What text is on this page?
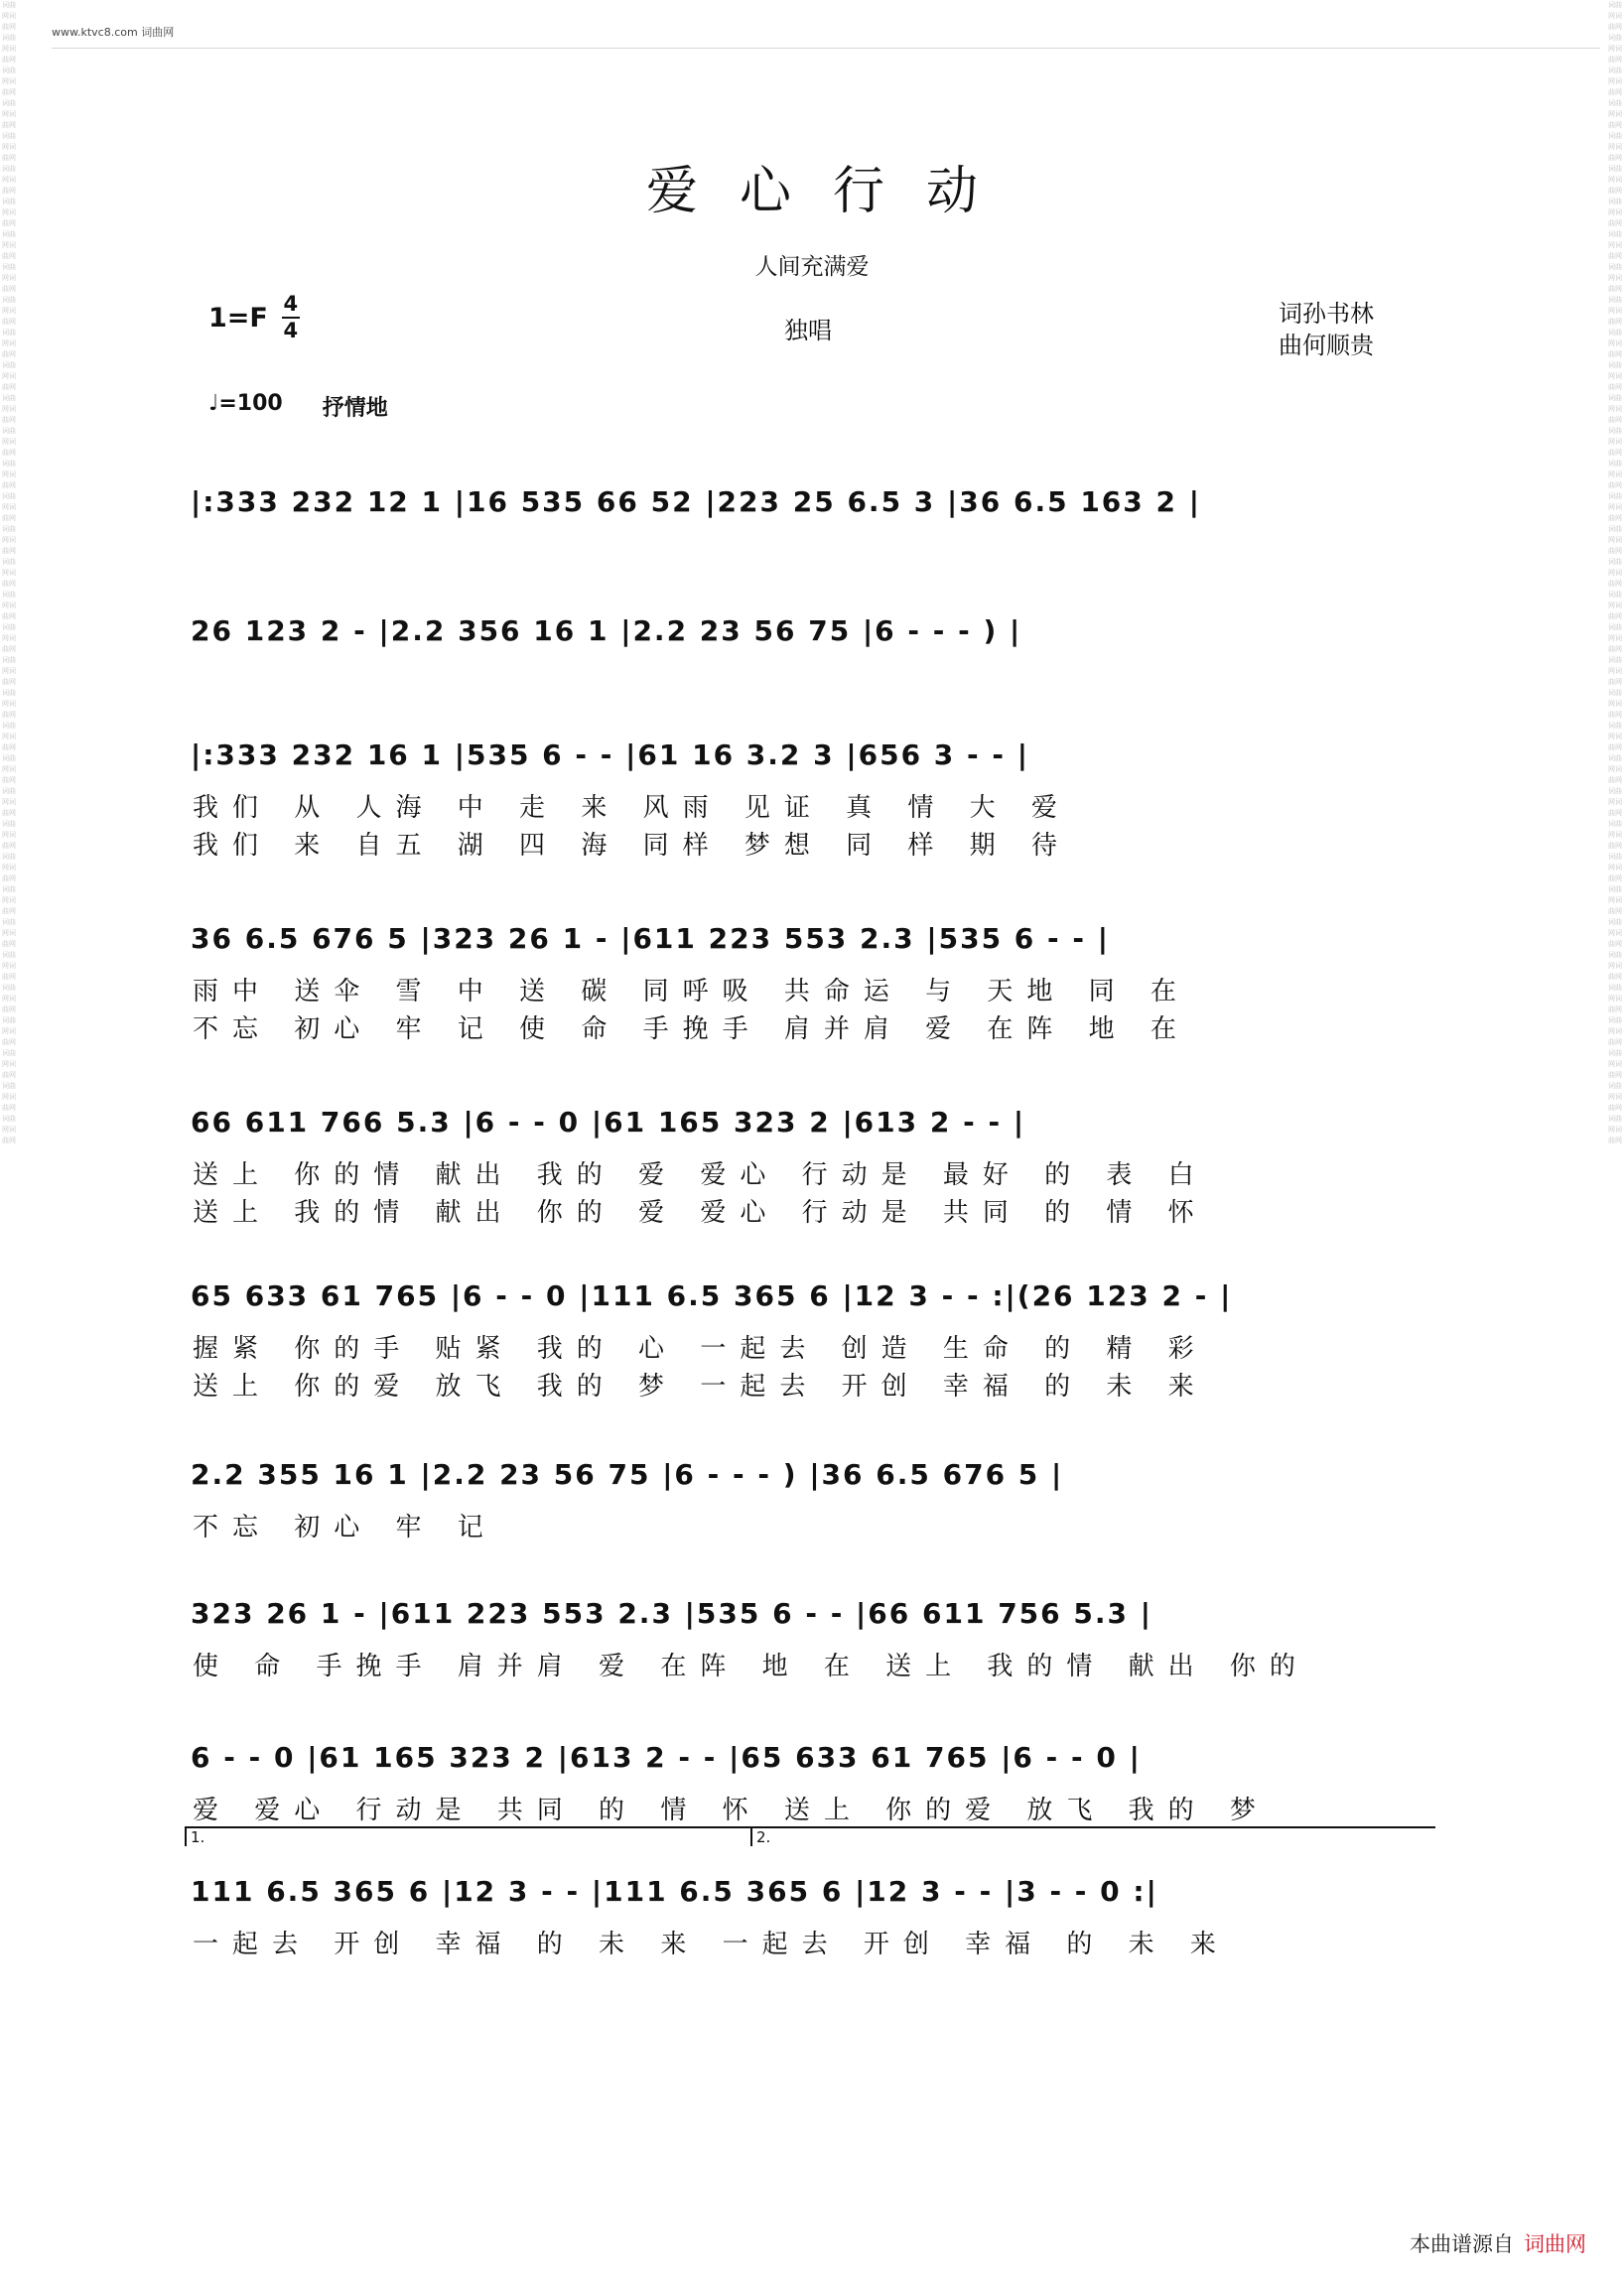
词曲网词曲网词曲网词曲网词曲网词曲网词曲网词曲网词曲网词曲网词曲网词曲网词曲网词曲网词曲网词曲网词曲网词曲网词曲网词曲网词曲网词曲网词曲网词曲网词曲网词曲网词曲网词曲网词曲网词曲网词曲网词曲网词曲网词曲网词曲网词曲网词曲网词曲网词曲网词曲网词曲网词曲网词曲网词曲网词曲网词曲网词曲网词曲网词曲网词曲网词曲网词曲网词曲网词曲网词曲网词曲网词曲网词曲网词曲网词曲网词曲网词曲网词曲网词曲网词曲网词曲网词曲网词曲网词曲网词曲网
词曲网词曲网词曲网词曲网词曲网词曲网词曲网词曲网词曲网词曲网词曲网词曲网词曲网词曲网词曲网词曲网词曲网词曲网词曲网词曲网词曲网词曲网词曲网词曲网词曲网词曲网词曲网词曲网词曲网词曲网词曲网词曲网词曲网词曲网词曲网词曲网词曲网词曲网词曲网词曲网词曲网词曲网词曲网词曲网词曲网词曲网词曲网词曲网词曲网词曲网词曲网词曲网词曲网词曲网词曲网词曲网词曲网词曲网词曲网词曲网词曲网词曲网词曲网词曲网词曲网词曲网词曲网词曲网词曲网词曲网
www.ktvc8.com 词曲网
爱心行动
人间充满爱
1=F 4
4	独唱
词孙书林
曲何顺贵
♩=100 抒情地
|:333 232 12 1 |16 535 66 52 |223 25 6.5 3 |36 6.5 163 2 |
26 123 2 - |2.2 356 16 1 |2.2 23 56 75 |6 - - - ) |
|:333 232 16 1 |535 6 - - |61 16 3.2 3 |656 3 - - |
我们 从 人海 中 走 来 风雨 见证 真 情 大 爱
我们 来 自五 湖 四 海 同样 梦想 同 样 期 待
36 6.5 676 5 |323 26 1 - |611 223 553 2.3 |535 6 - - |
雨中 送伞 雪 中 送 碳 同呼吸 共命运 与 天地 同 在
不忘 初心 牢 记 使 命 手挽手 肩并肩 爱 在阵 地 在
66 611 766 5.3 |6 - - 0 |61 165 323 2 |613 2 - - |
送上 你的情 献出 我的 爱 爱心 行动是 最好 的 表 白
送上 我的情 献出 你的 爱 爱心 行动是 共同 的 情 怀
65 633 61 765 |6 - - 0 |111 6.5 365 6 |12 3 - - :|(26 123 2 - |
握紧 你的手 贴紧 我的 心 一起去 创造 生命 的 精 彩
送上 你的爱 放飞 我的 梦 一起去 开创 幸福 的 未 来
2.2 355 16 1 |2.2 23 56 75 |6 - - - ) |36 6.5 676 5 |
不忘 初心 牢 记
323 26 1 - |611 223 553 2.3 |535 6 - - |66 611 756 5.3 |
使 命 手挽手 肩并肩 爱 在阵 地 在 送上 我的情 献出 你的
6 - - 0 |61 165 323 2 |613 2 - - |65 633 61 765 |6 - - 0 |
爱 爱心 行动是 共同 的 情 怀 送上 你的爱 放飞 我的 梦
111 6.5 365 6 |12 3 - - |111 6.5 365 6 |12 3 - - |3 - - 0 :|
一起去 开创 幸福 的 未 来 一起去 开创 幸福 的 未 来
1.	2.
本曲谱源自 词曲网
